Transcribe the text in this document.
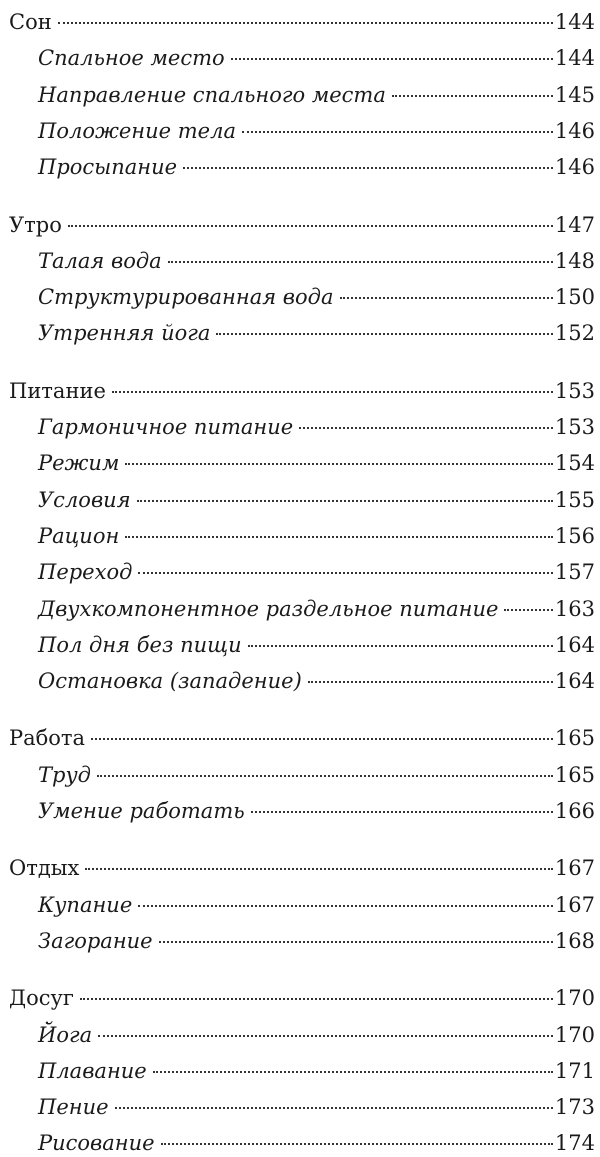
Сон	144
Спальное место	144
Направление спального места	145
Положение тела	146
Просыпание	146
Утро	147
Талая вода	148
Структурированная вода	150
Утренняя йога	152
Питание	153
Гармоничное питание	153
Режим	154
Условия	155
Рацион	156
Переход	157
Двухкомпонентное раздельное питание	163
Пол дня без пищи	164
Остановка (западение)	164
Работа	165
Труд	165
Умение работать	166
Отдых	167
Купание	167
Загорание	168
Досуг	170
Йога	170
Плавание	171
Пение	173
Рисование	174
